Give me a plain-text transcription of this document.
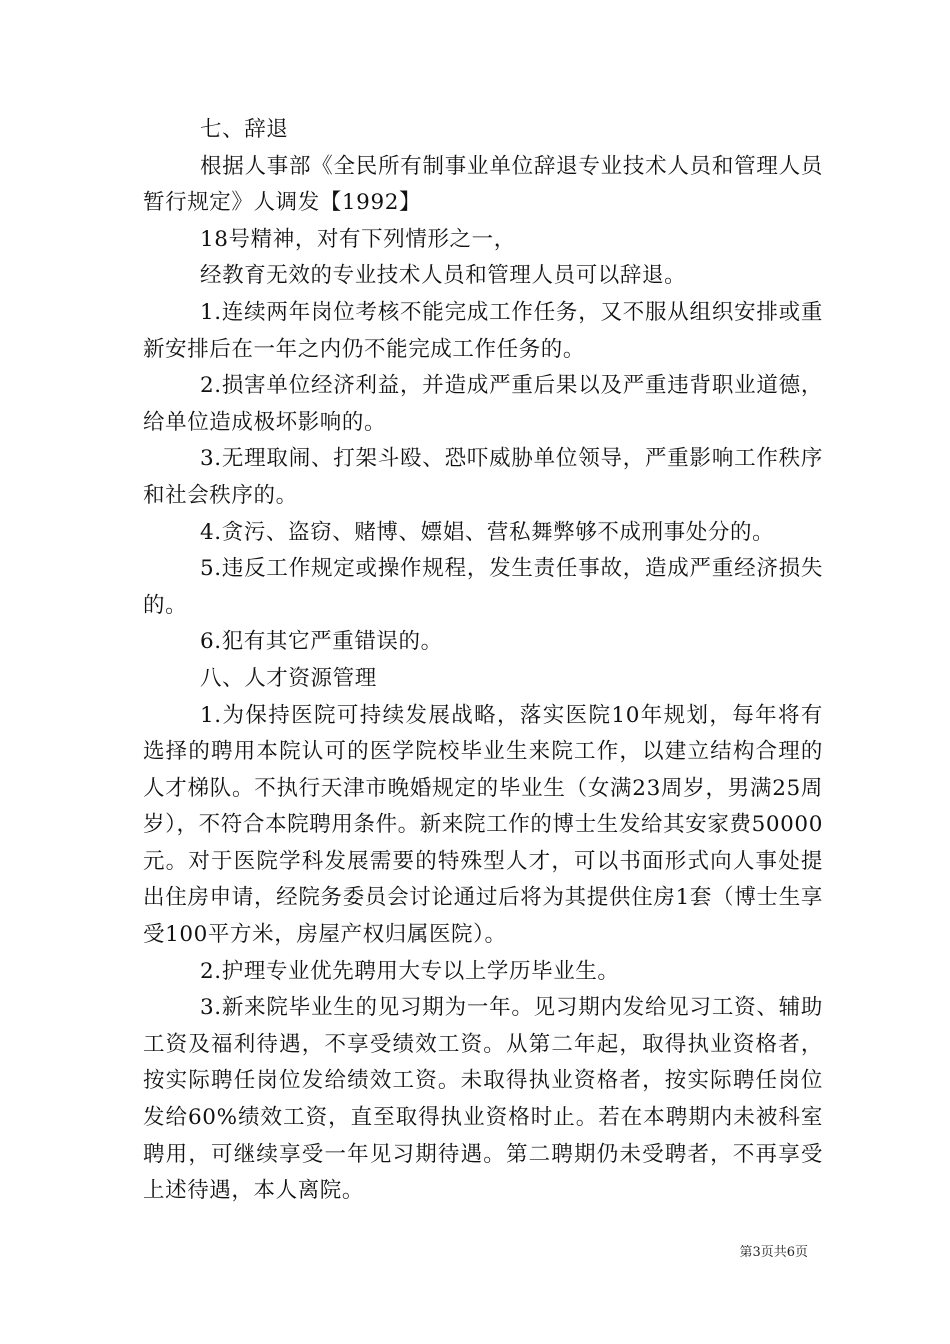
七、辞退

根据人事部《全民所有制事业单位辞退专业技术人员和管理人员暂行规定》人调发【1992】

18号精神，对有下列情形之一，

经教育无效的专业技术人员和管理人员可以辞退。

1.连续两年岗位考核不能完成工作任务，又不服从组织安排或重新安排后在一年之内仍不能完成工作任务的。

2.损害单位经济利益，并造成严重后果以及严重违背职业道德，给单位造成极坏影响的。

3.无理取闹、打架斗殴、恐吓威胁单位领导，严重影响工作秩序和社会秩序的。

4.贪污、盗窃、赌博、嫖娼、营私舞弊够不成刑事处分的。

5.违反工作规定或操作规程，发生责任事故，造成严重经济损失的。

6.犯有其它严重错误的。

八、人才资源管理

1.为保持医院可持续发展战略，落实医院10年规划，每年将有选择的聘用本院认可的医学院校毕业生来院工作，以建立结构合理的人才梯队。不执行天津市晚婚规定的毕业生（女满23周岁，男满25周岁），不符合本院聘用条件。新来院工作的博士生发给其安家费50000元。对于医院学科发展需要的特殊型人才，可以书面形式向人事处提出住房申请，经院务委员会讨论通过后将为其提供住房1套（博士生享受100平方米，房屋产权归属医院）。

2.护理专业优先聘用大专以上学历毕业生。

3.新来院毕业生的见习期为一年。见习期内发给见习工资、辅助工资及福利待遇，不享受绩效工资。从第二年起，取得执业资格者，按实际聘任岗位发给绩效工资。未取得执业资格者，按实际聘任岗位发给60%绩效工资，直至取得执业资格时止。若在本聘期内未被科室聘用，可继续享受一年见习期待遇。第二聘期仍未受聘者，不再享受上述待遇，本人离院。

第3页共6页
